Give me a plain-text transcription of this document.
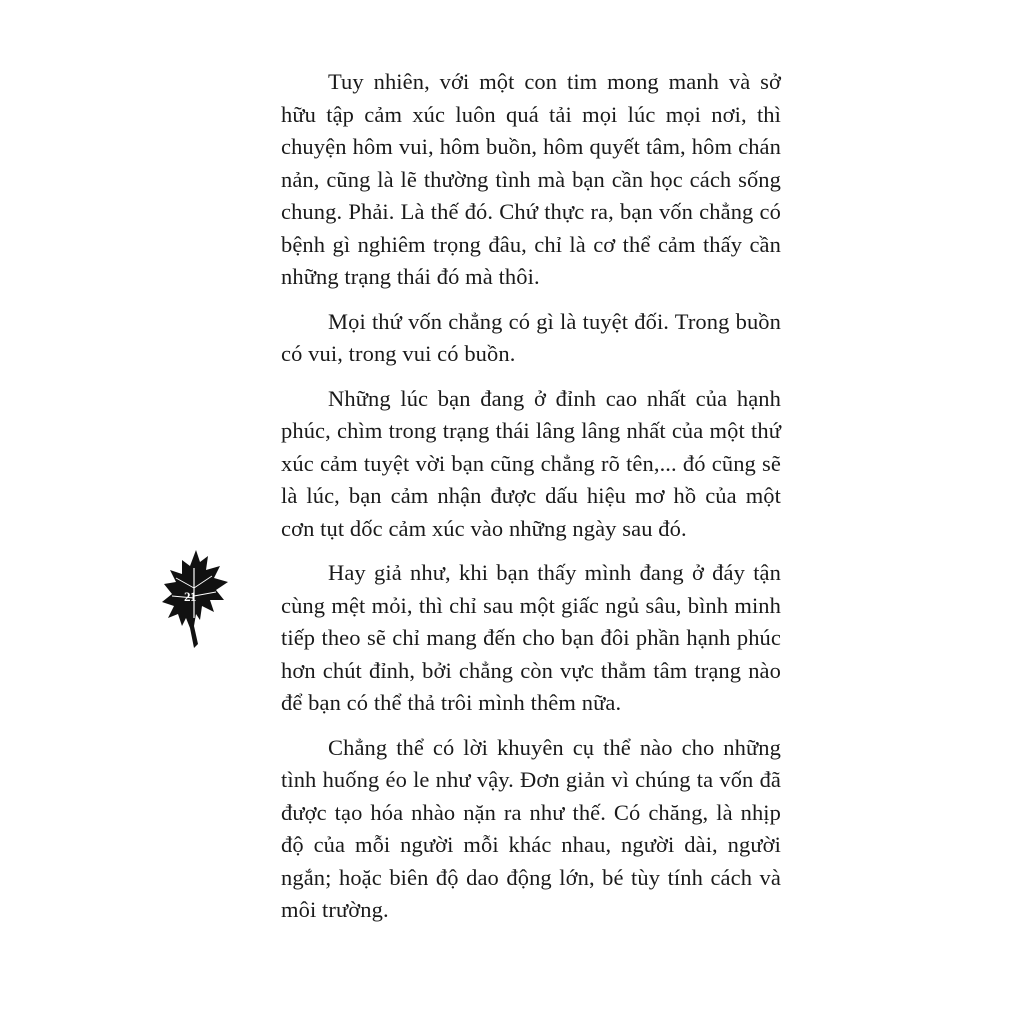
Tuy nhiên, với một con tim mong manh và sở hữu tập cảm xúc luôn quá tải mọi lúc mọi nơi, thì chuyện hôm vui, hôm buồn, hôm quyết tâm, hôm chán nản, cũng là lẽ thường tình mà bạn cần học cách sống chung. Phải. Là thế đó. Chứ thực ra, bạn vốn chẳng có bệnh gì nghiêm trọng đâu, chỉ là cơ thể cảm thấy cần những trạng thái đó mà thôi.

Mọi thứ vốn chẳng có gì là tuyệt đối. Trong buồn có vui, trong vui có buồn.

Những lúc bạn đang ở đỉnh cao nhất của hạnh phúc, chìm trong trạng thái lâng lâng nhất của một thứ xúc cảm tuyệt vời bạn cũng chẳng rõ tên,... đó cũng sẽ là lúc, bạn cảm nhận được dấu hiệu mơ hồ của một cơn tụt dốc cảm xúc vào những ngày sau đó.

Hay giả như, khi bạn thấy mình đang ở đáy tận cùng mệt mỏi, thì chỉ sau một giấc ngủ sâu, bình minh tiếp theo sẽ chỉ mang đến cho bạn đôi phần hạnh phúc hơn chút đỉnh, bởi chẳng còn vực thẳm tâm trạng nào để bạn có thể thả trôi mình thêm nữa.

Chẳng thể có lời khuyên cụ thể nào cho những tình huống éo le như vậy. Đơn giản vì chúng ta vốn đã được tạo hóa nhào nặn ra như thế. Có chăng, là nhịp độ của mỗi người mỗi khác nhau, người dài, người ngắn; hoặc biên độ dao động lớn, bé tùy tính cách và môi trường.

21
